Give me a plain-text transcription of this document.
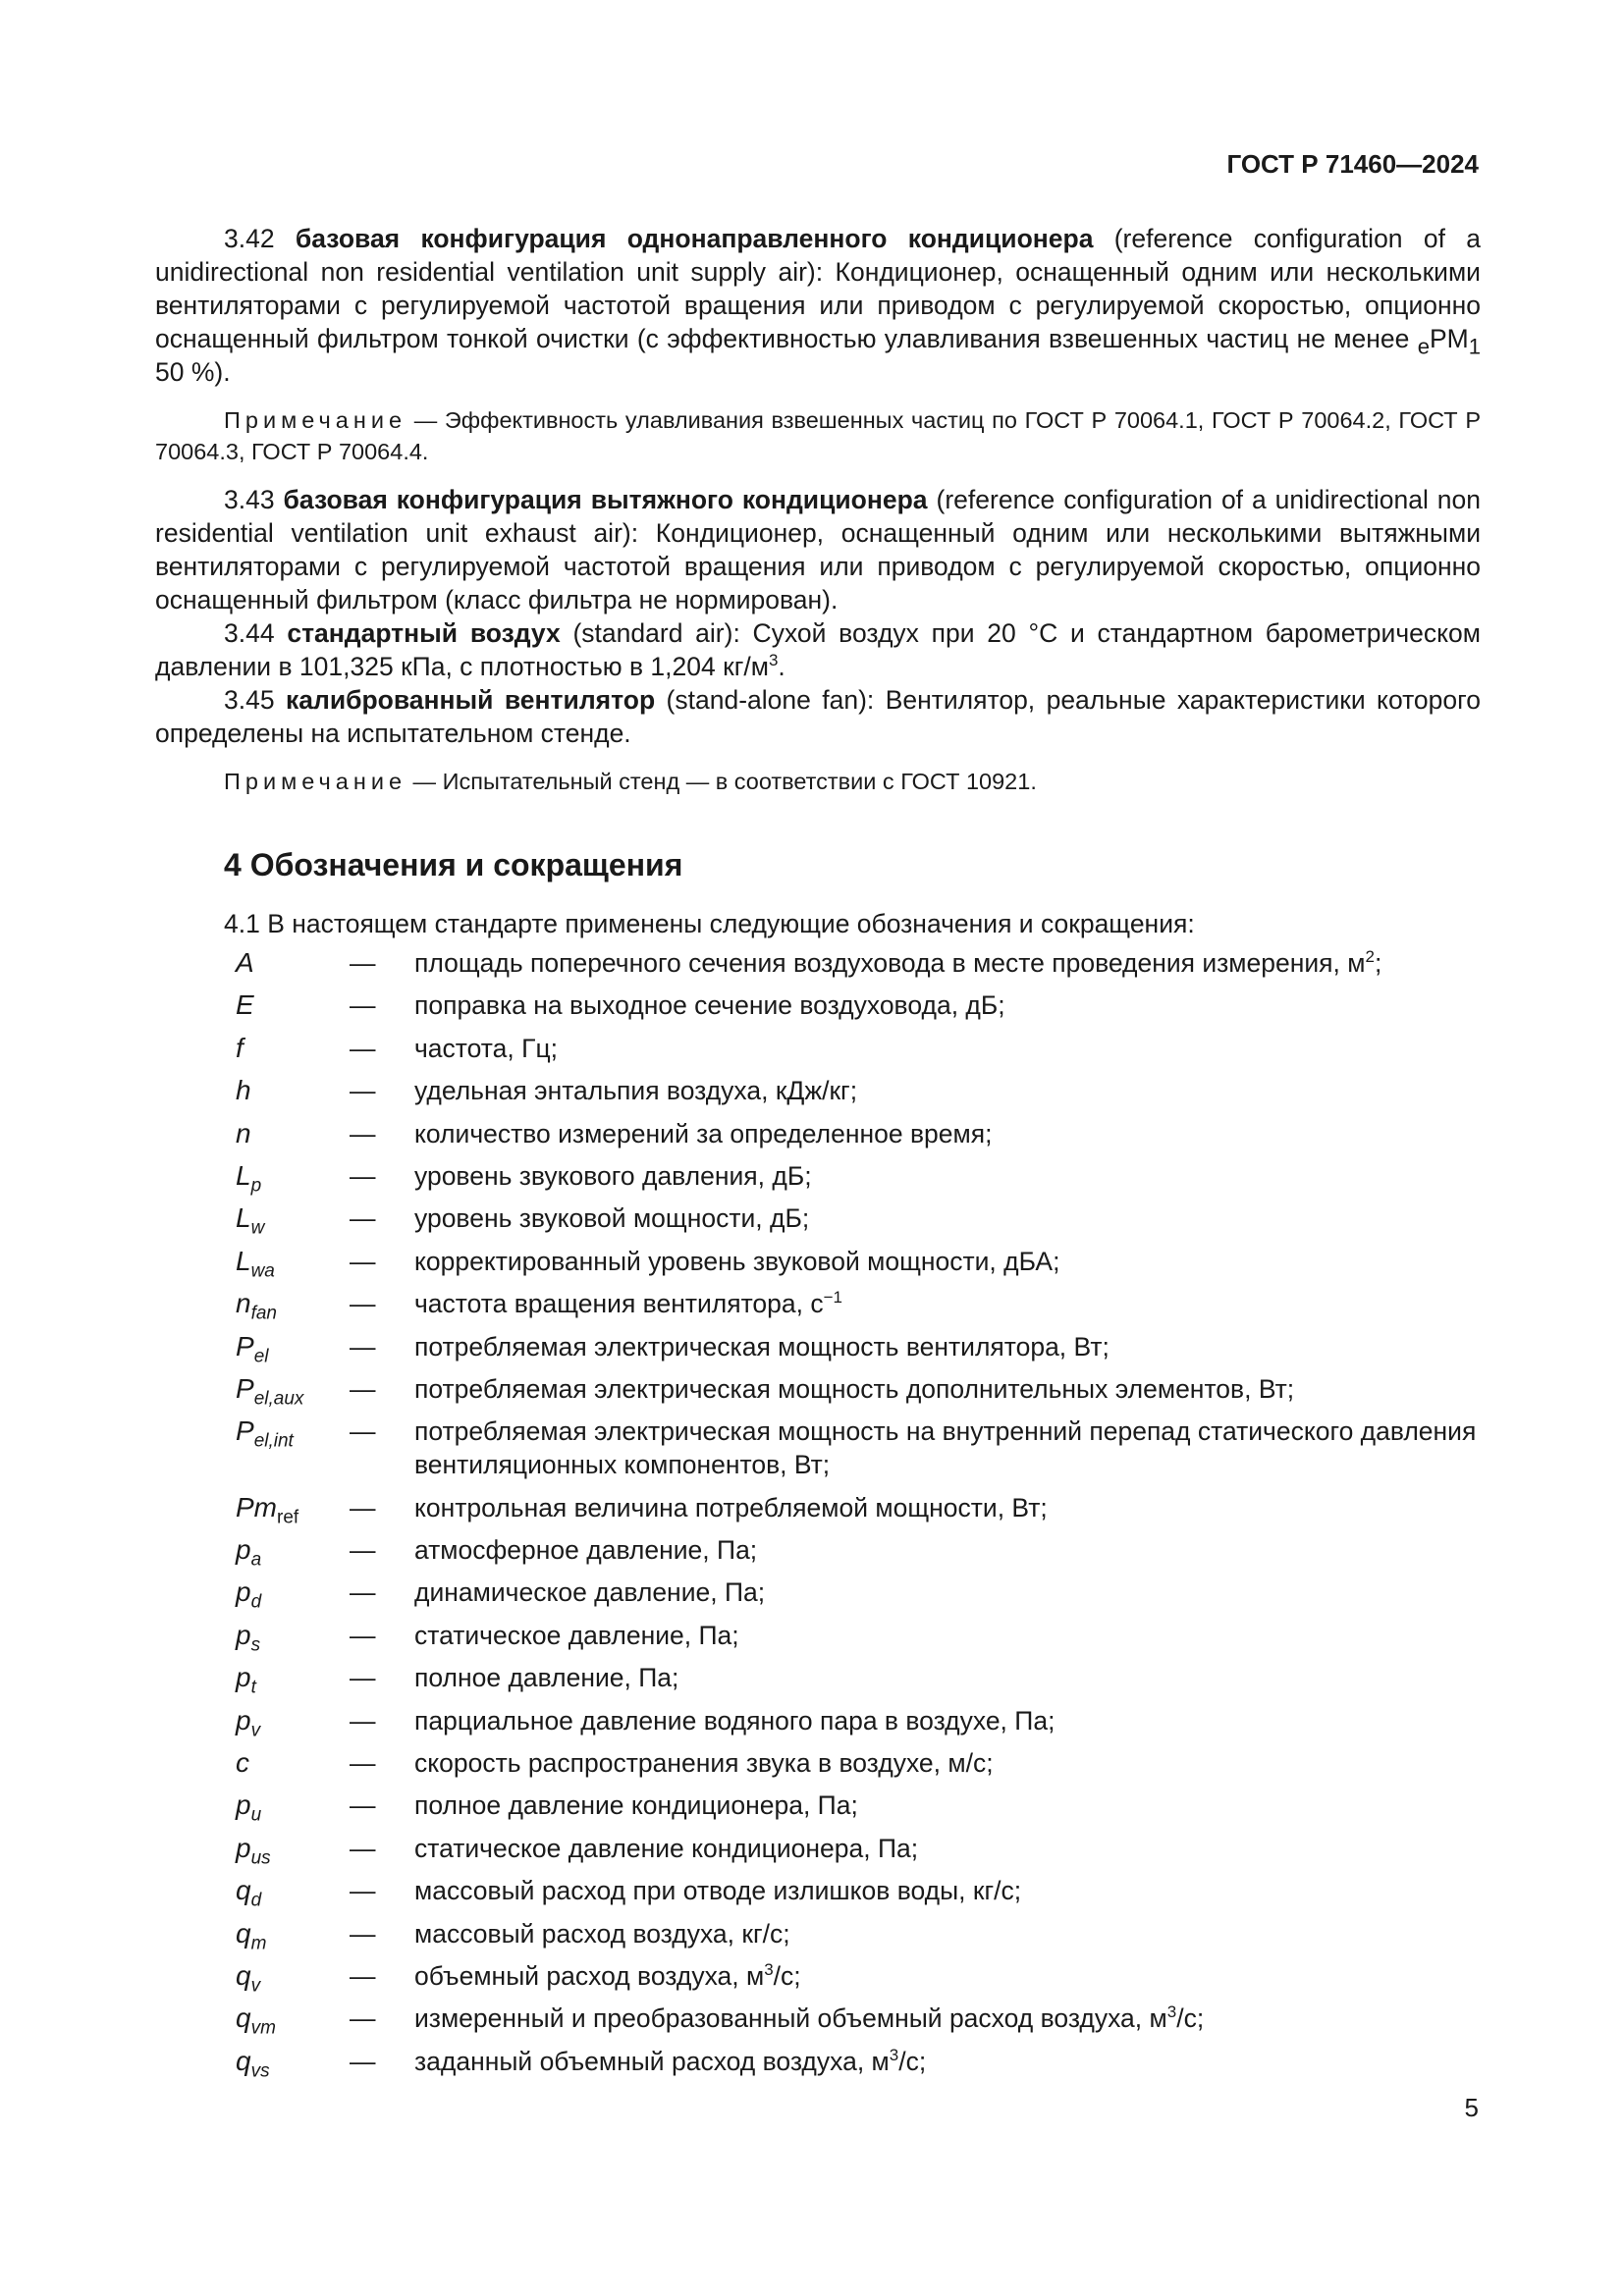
ГОСТ Р 71460—2024

3.42 базовая конфигурация однонаправленного кондиционера (reference configuration of a unidirectional non residential ventilation unit supply air): Кондиционер, оснащенный одним или несколькими вентиляторами с регулируемой частотой вращения или приводом с регулируемой скоростью, опционно оснащенный фильтром тонкой очистки (с эффективностью улавливания взвешенных частиц не менее $_ePM_1$ 50 %).

Примечание — Эффективность улавливания взвешенных частиц по ГОСТ Р 70064.1, ГОСТ Р 70064.2, ГОСТ Р 70064.3, ГОСТ Р 70064.4.

3.43 базовая конфигурация вытяжного кондиционера (reference configuration of a unidirectional non residential ventilation unit exhaust air): Кондиционер, оснащенный одним или несколькими вытяжными вентиляторами с регулируемой частотой вращения или приводом с регулируемой скоростью, опционно оснащенный фильтром (класс фильтра не нормирован).

3.44 стандартный воздух (standard air): Сухой воздух при 20 °C и стандартном барометрическом давлении в 101,325 кПа, с плотностью в 1,204 $кг/м^3$.

3.45 калиброванный вентилятор (stand-alone fan): Вентилятор, реальные характеристики которого определены на испытательном стенде.

Примечание — Испытательный стенд — в соответствии с ГОСТ 10921.

4 Обозначения и сокращения

4.1 В настоящем стандарте применены следующие обозначения и сокращения:

A	—	площадь поперечного сечения воздуховода в месте проведения измерения, $м^2$;
E	—	поправка на выходное сечение воздуховода, дБ;
f	—	частота, Гц;
h	—	удельная энтальпия воздуха, кДж/кг;
n	—	количество измерений за определенное время;
$L_p$	—	уровень звукового давления, дБ;
$L_w$	—	уровень звуковой мощности, дБ;
$L_{wa}$	—	корректированный уровень звуковой мощности, дБА;
$n_{fan}$	—	частота вращения вентилятора, $с^{-1}$
$P_{el}$	—	потребляемая электрическая мощность вентилятора, Вт;
$P_{el,aux}$	—	потребляемая электрическая мощность дополнительных элементов, Вт;
$P_{el,int}$	—	потребляемая электрическая мощность на внутренний перепад статического давления вентиляционных компонентов, Вт;
$Pm_{ref}$	—	контрольная величина потребляемой мощности, Вт;
$p_a$	—	атмосферное давление, Па;
$p_d$	—	динамическое давление, Па;
$p_s$	—	статическое давление, Па;
$p_t$	—	полное давление, Па;
$p_v$	—	парциальное давление водяного пара в воздухе, Па;
c	—	скорость распространения звука в воздухе, м/с;
$p_u$	—	полное давление кондиционера, Па;
$p_{us}$	—	статическое давление кондиционера, Па;
$q_d$	—	массовый расход при отводе излишков воды, кг/с;
$q_m$	—	массовый расход воздуха, кг/с;
$q_v$	—	объемный расход воздуха, $м^3/с$;
$q_{vm}$	—	измеренный и преобразованный объемный расход воздуха, $м^3/с$;
$q_{vs}$	—	заданный объемный расход воздуха, $м^3/с$;
5
